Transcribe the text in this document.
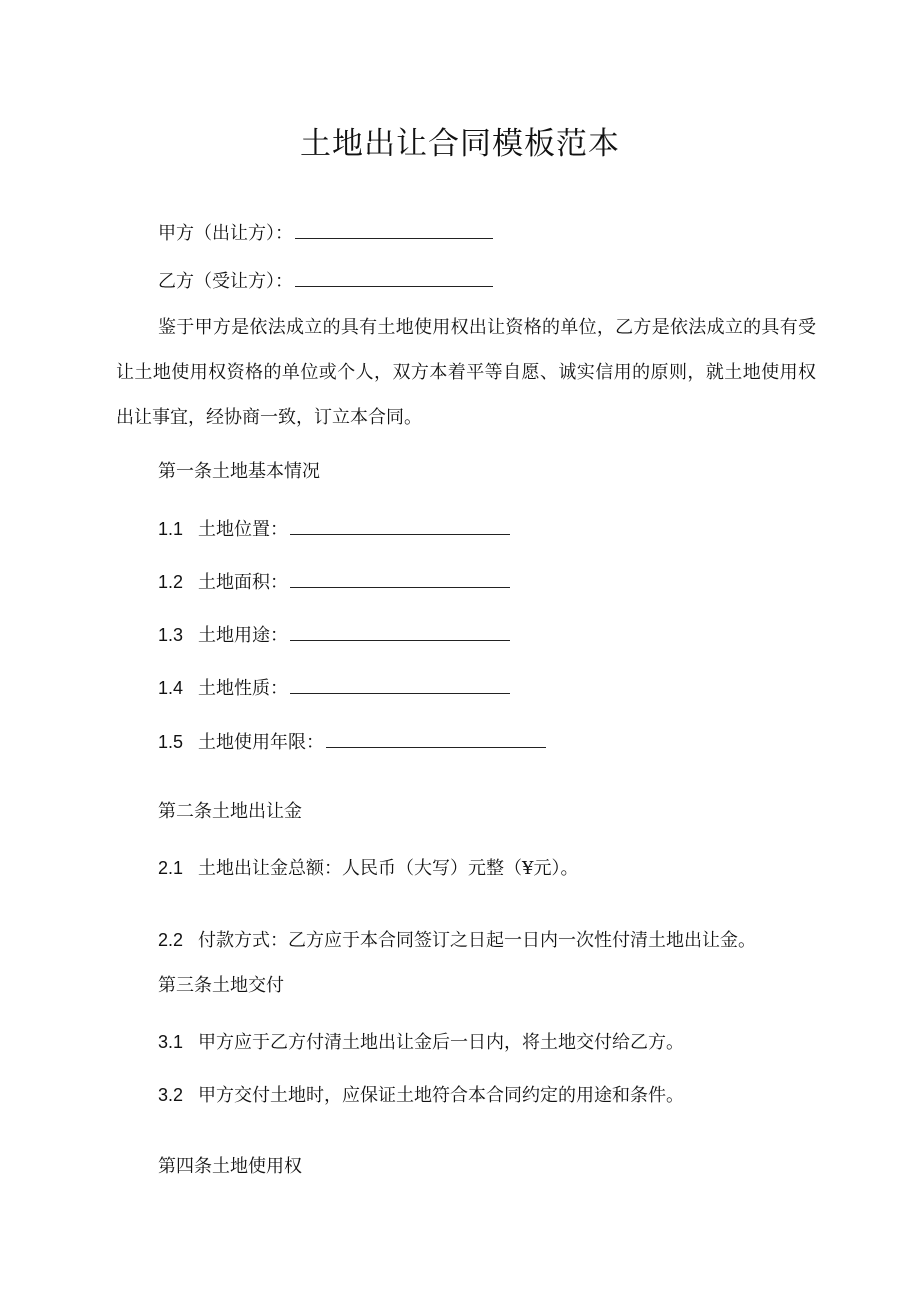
土地出让合同模板范本
甲方（出让方）：
乙方（受让方）：
鉴于甲方是依法成立的具有土地使用权出让资格的单位，乙方是依法成立的具有受让土地使用权资格的单位或个人，双方本着平等自愿、诚实信用的原则，就土地使用权出让事宜，经协商一致，订立本合同。
第一条土地基本情况
1.1 土地位置：
1.2 土地面积：
1.3 土地用途：
1.4 土地性质：
1.5 土地使用年限：
第二条土地出让金
2.1 土地出让金总额：人民币（大写）元整（¥元）。
2.2 付款方式：乙方应于本合同签订之日起一日内一次性付清土地出让金。
第三条土地交付
3.1 甲方应于乙方付清土地出让金后一日内，将土地交付给乙方。
3.2 甲方交付土地时，应保证土地符合本合同约定的用途和条件。
第四条土地使用权
